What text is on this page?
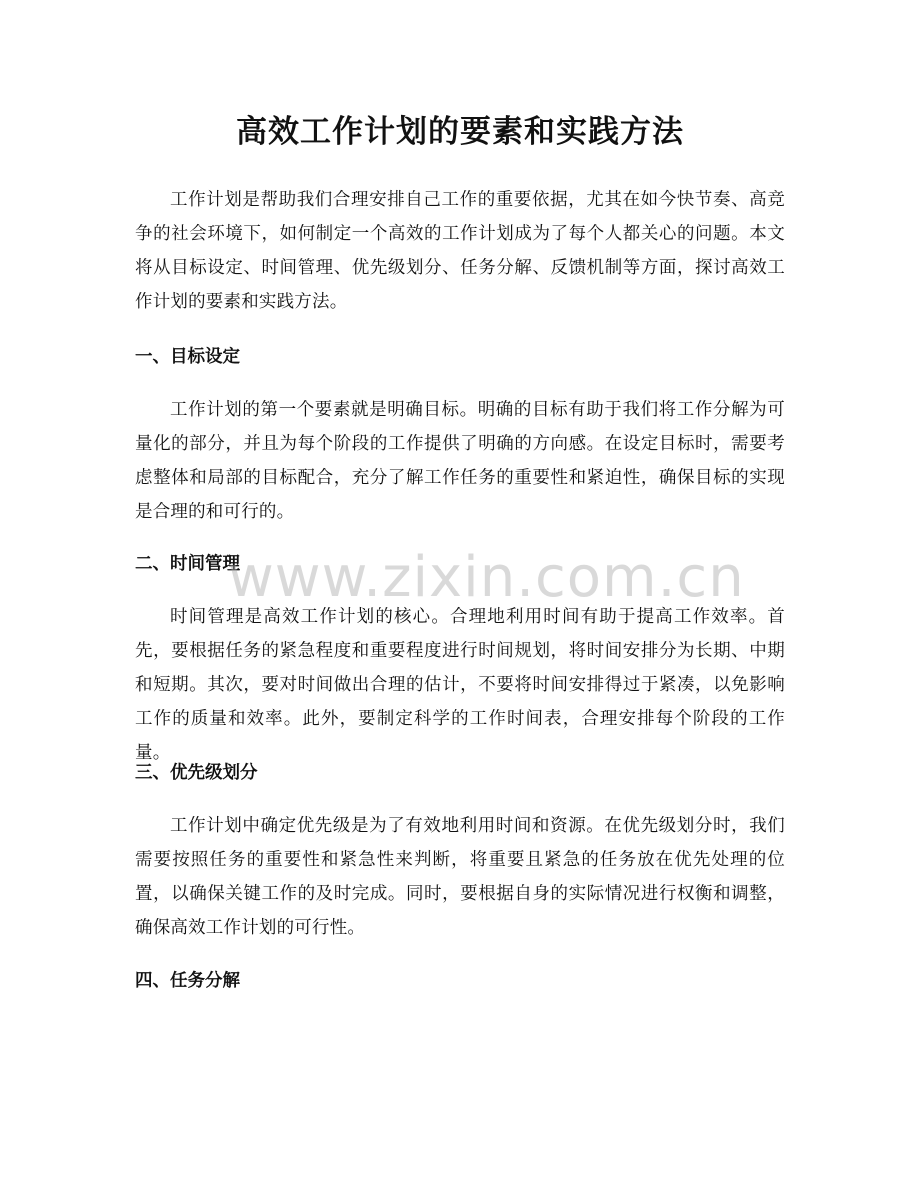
高效工作计划的要素和实践方法

工作计划是帮助我们合理安排自己工作的重要依据，尤其在如今快节奏、高竞争的社会环境下，如何制定一个高效的工作计划成为了每个人都关心的问题。本文将从目标设定、时间管理、优先级划分、任务分解、反馈机制等方面，探讨高效工作计划的要素和实践方法。

一、目标设定

工作计划的第一个要素就是明确目标。明确的目标有助于我们将工作分解为可量化的部分，并且为每个阶段的工作提供了明确的方向感。在设定目标时，需要考虑整体和局部的目标配合，充分了解工作任务的重要性和紧迫性，确保目标的实现是合理的和可行的。

二、时间管理

时间管理是高效工作计划的核心。合理地利用时间有助于提高工作效率。首先，要根据任务的紧急程度和重要程度进行时间规划，将时间安排分为长期、中期和短期。其次，要对时间做出合理的估计，不要将时间安排得过于紧凑，以免影响工作的质量和效率。此外，要制定科学的工作时间表，合理安排每个阶段的工作量。

三、优先级划分

工作计划中确定优先级是为了有效地利用时间和资源。在优先级划分时，我们需要按照任务的重要性和紧急性来判断，将重要且紧急的任务放在优先处理的位置，以确保关键工作的及时完成。同时，要根据自身的实际情况进行权衡和调整，确保高效工作计划的可行性。

四、任务分解
www.zixin.com.cn
